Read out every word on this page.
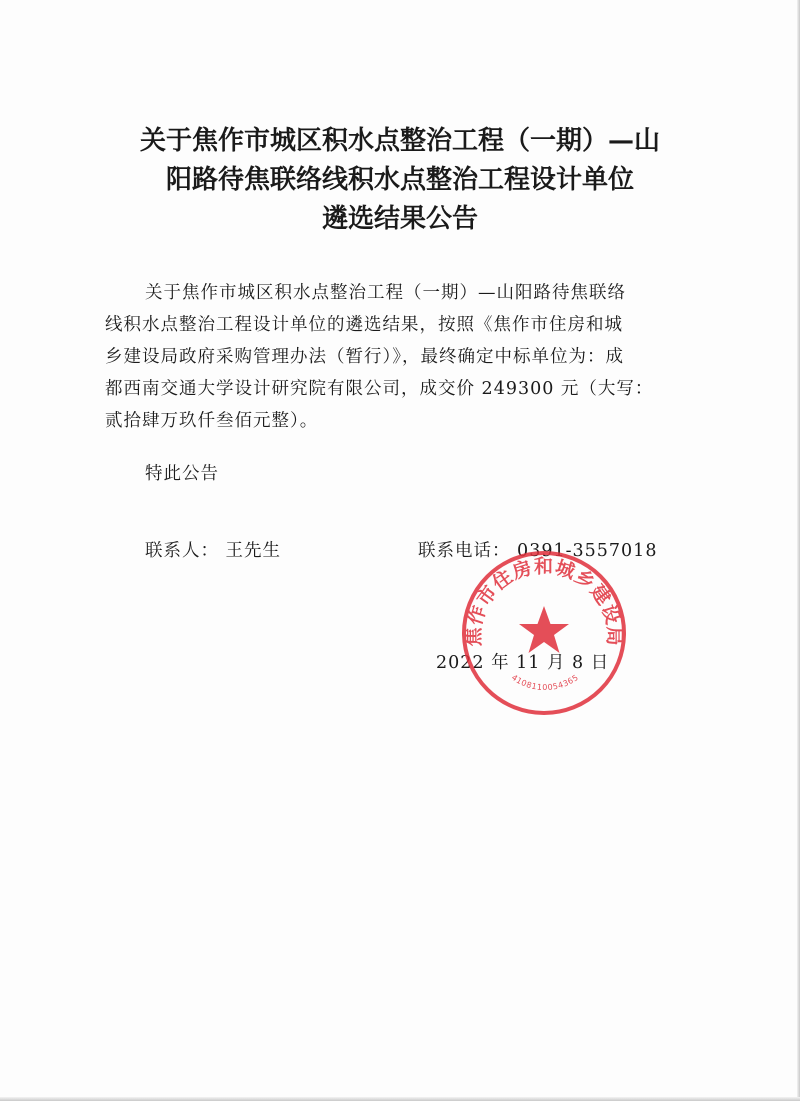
关于焦作市城区积水点整治工程（一期）—山
阳路待焦联络线积水点整治工程设计单位
遴选结果公告
关于焦作市城区积水点整治工程（一期）—山阳路待焦联络
线积水点整治工程设计单位的遴选结果，按照《焦作市住房和城
乡建设局政府采购管理办法（暂行）》，最终确定中标单位为：成
都西南交通大学设计研究院有限公司，成交价 249300 元（大写：
贰拾肆万玖仟叁佰元整）。
特此公告
联系人： 王先生	联系电话： 0391-3557018
2022 年 11 月 8 日
焦作市住房和城乡建设局
4108110054365
